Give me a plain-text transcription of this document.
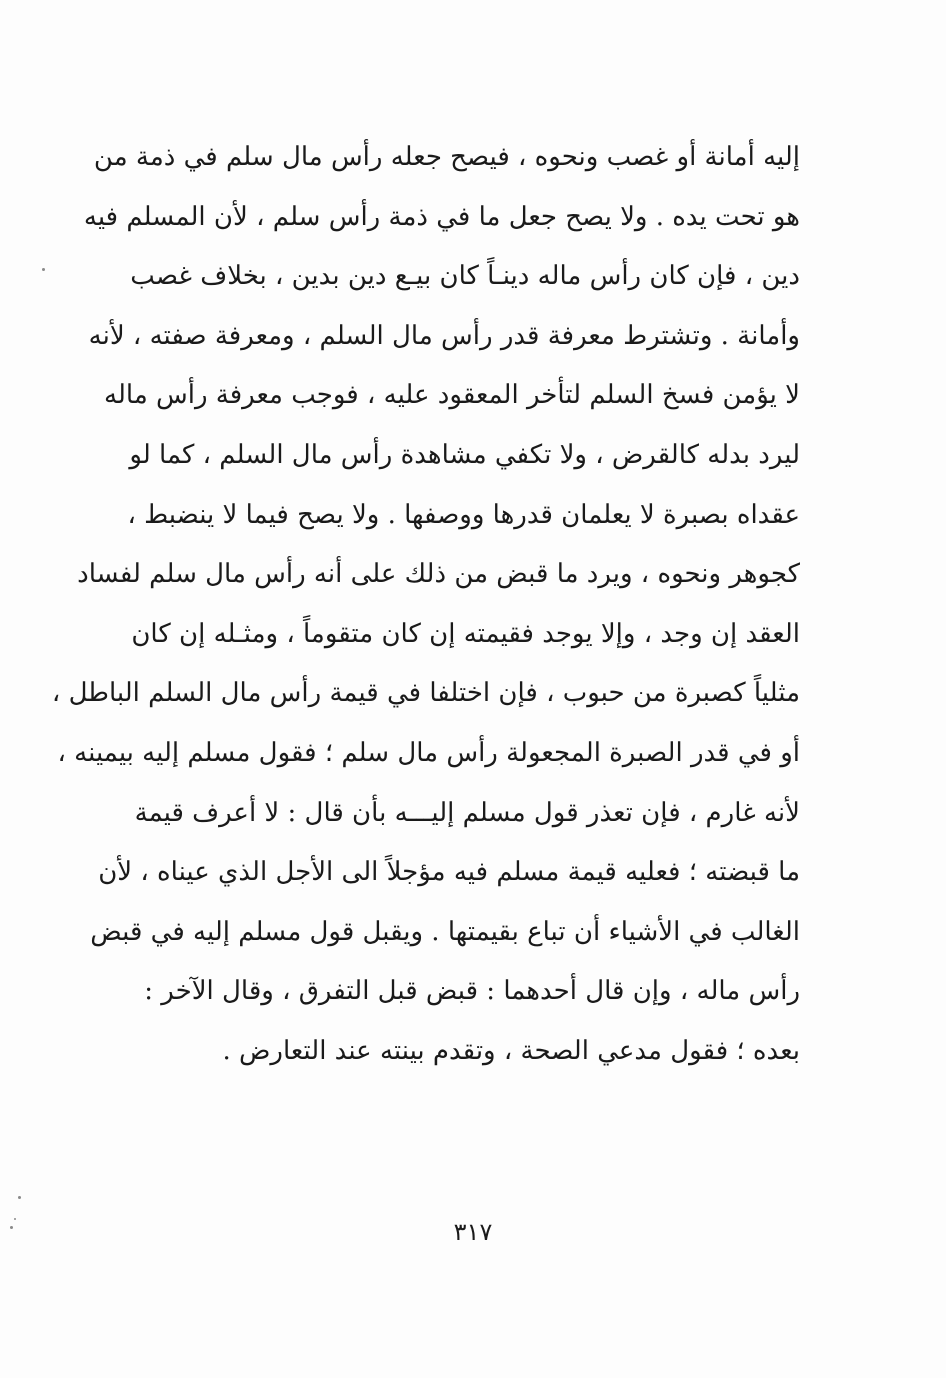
إليه أمانة أو غصب ونحوه ، فيصح جعله رأس مال سلم في ذمة من
هو تحت يده . ولا يصح جعل ما في ذمة رأس سلم ، لأن المسلم فيه
دين ، فإن كان رأس ماله دينـاً كان بيـع دين بدين ، بخلاف غصب
وأمانة . وتشترط معرفة قدر رأس مال السلم ، ومعرفة صفته ، لأنه
لا يؤمن فسخ السلم لتأخر المعقود عليه ، فوجب معرفة رأس ماله
ليرد بدله كالقرض ، ولا تكفي مشاهدة رأس مال السلم ، كما لو
عقداه بصبرة لا يعلمان قدرها ووصفها . ولا يصح فيما لا ينضبط ،
كجوهر ونحوه ، ويرد ما قبض من ذلك على أنه رأس مال سلم لفساد
العقد إن وجد ، وإلا يوجد فقيمته إن كان متقوماً ، ومثـله إن كان
مثلياً كصبرة من حبوب ، فإن اختلفا في قيمة رأس مال السلم الباطل ،
أو في قدر الصبرة المجعولة رأس مال سلم ؛ فقول مسلم إليه بيمينه ،
لأنه غارم ، فإن تعذر قول مسلم إليـــه بأن قال : لا أعرف قيمة
ما قبضته ؛ فعليه قيمة مسلم فيه مؤجلاً الى الأجل الذي عيناه ، لأن
الغالب في الأشياء أن تباع بقيمتها . ويقبل قول مسلم إليه في قبض
رأس ماله ، وإن قال أحدهما : قبض قبل التفرق ، وقال الآخر :
بعده ؛ فقول مدعي الصحة ، وتقدم بينته عند التعارض .
٣١٧
